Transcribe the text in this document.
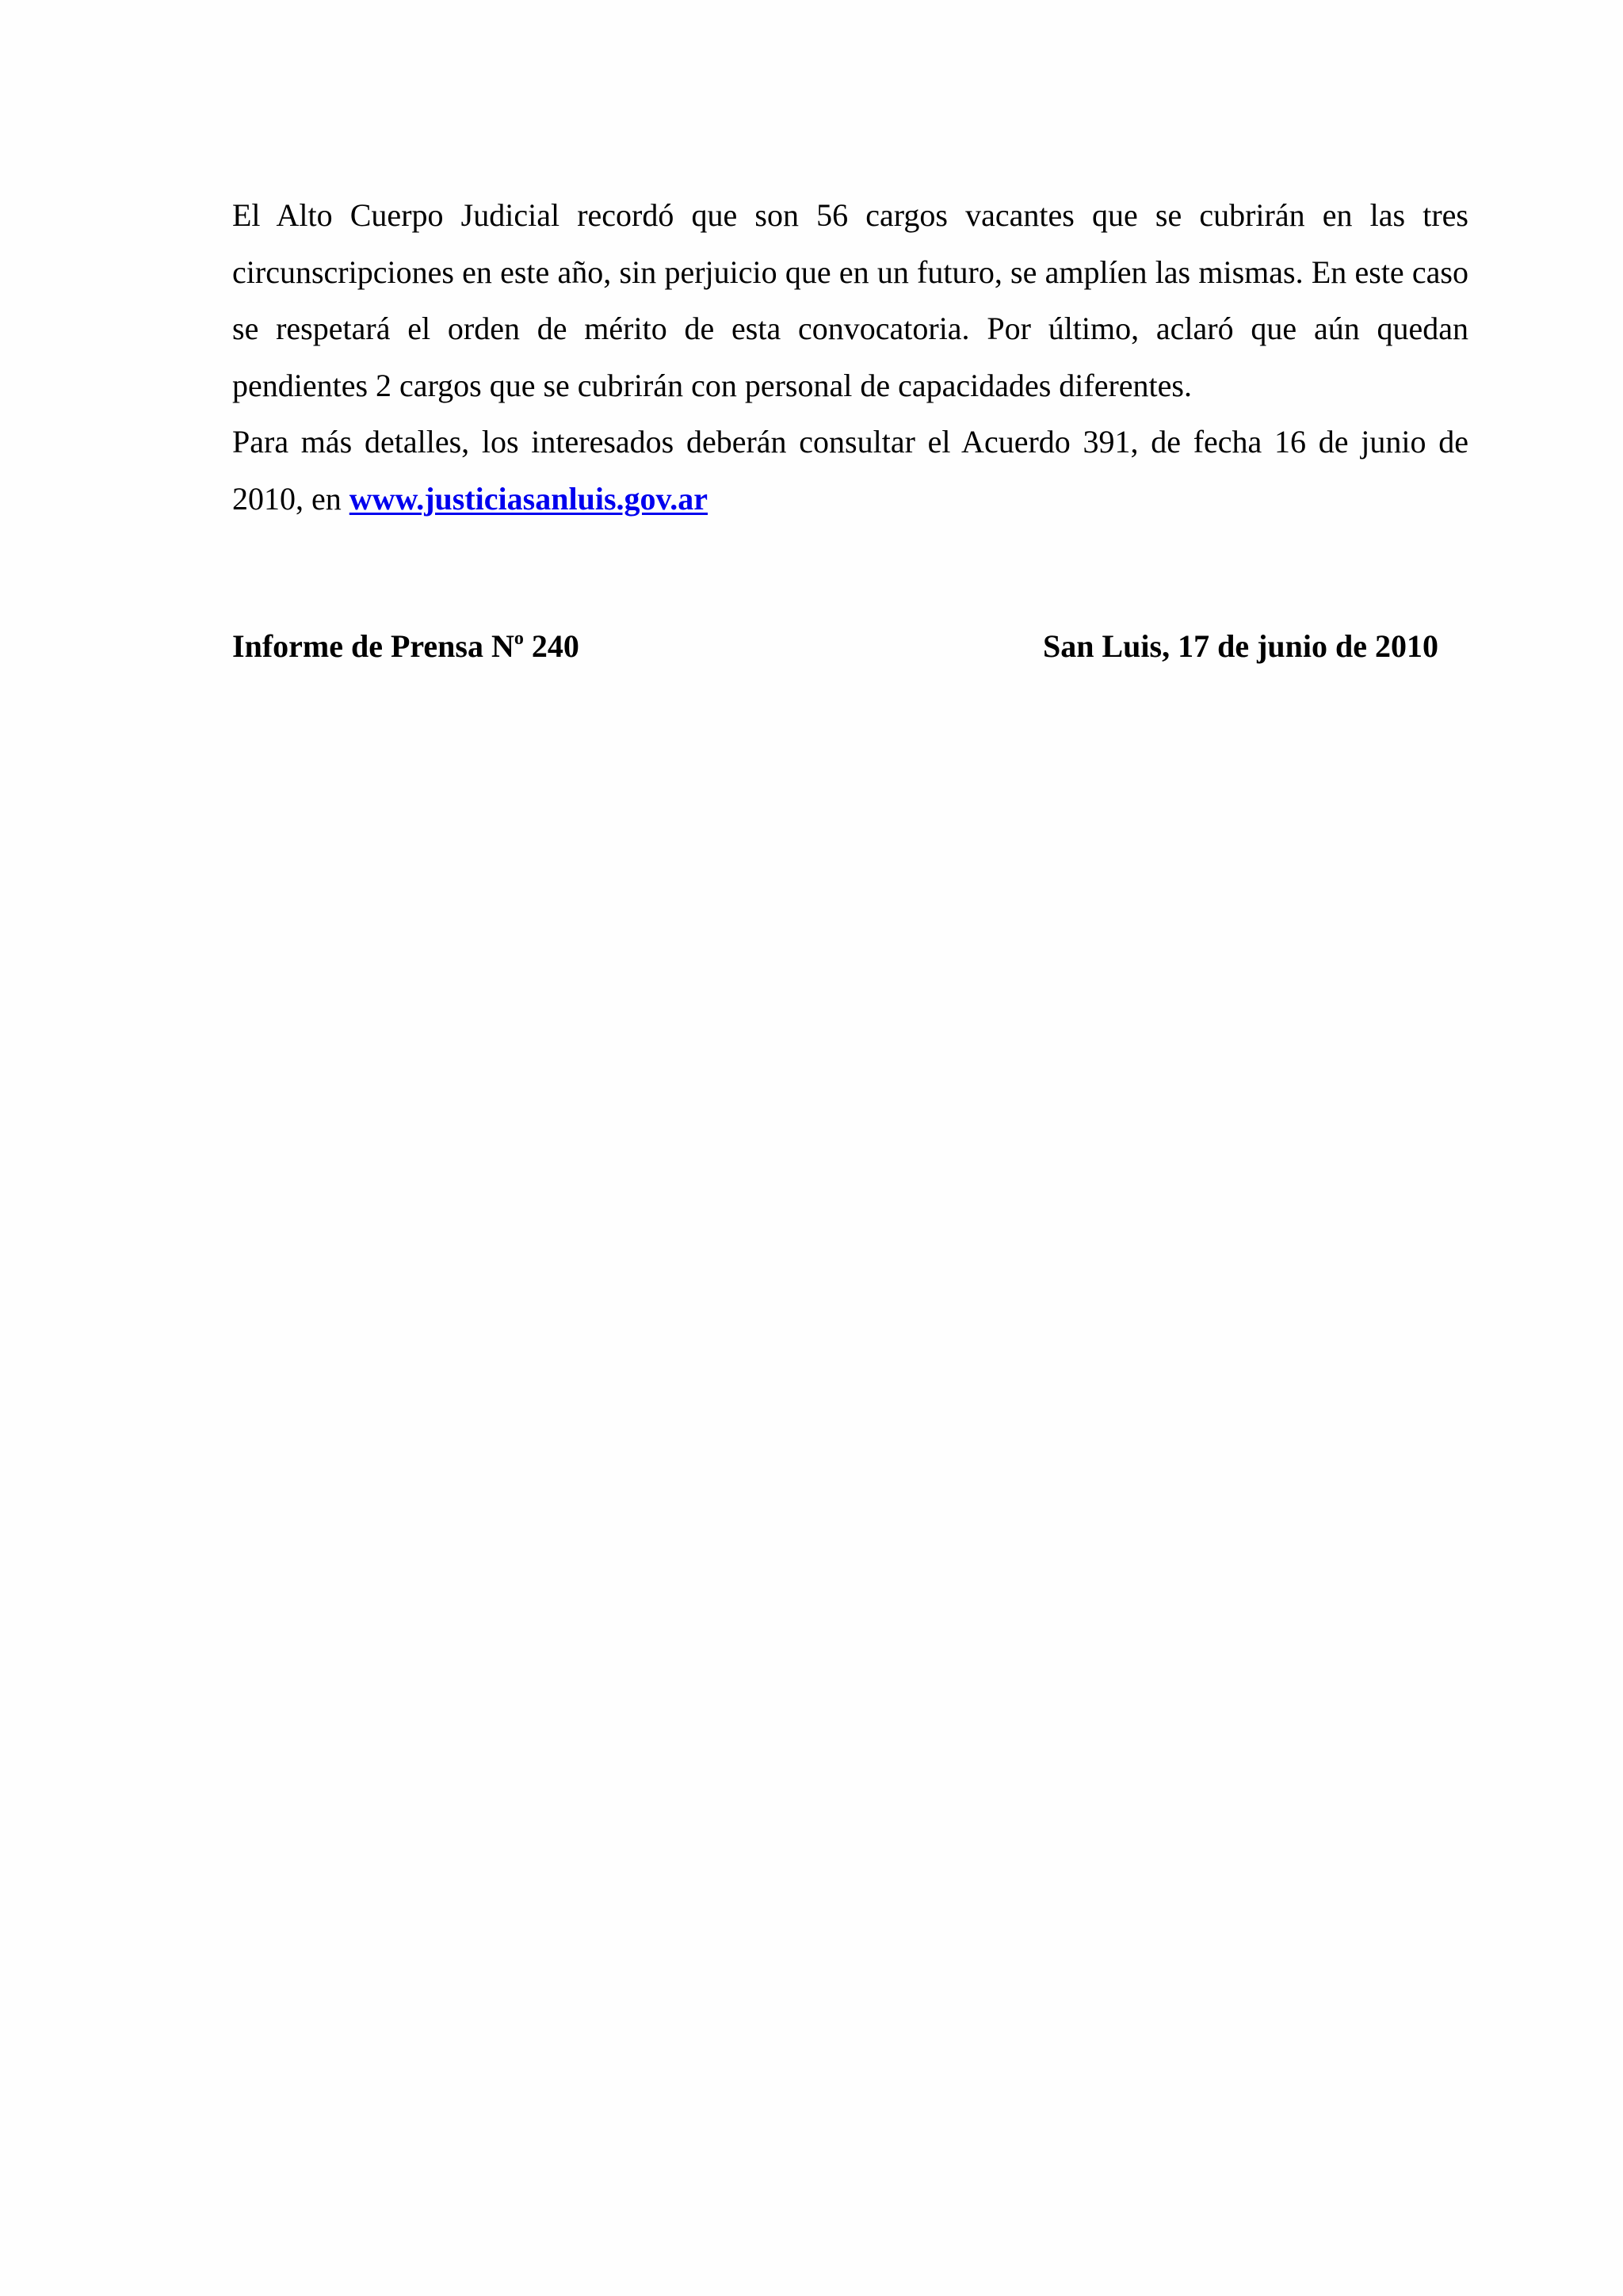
El Alto Cuerpo Judicial recordó que son 56 cargos vacantes que se cubrirán en las tres circunscripciones en este año, sin perjuicio que en un futuro, se amplíen las mismas. En este caso se respetará el orden de mérito de esta convocatoria. Por último, aclaró que aún quedan pendientes 2 cargos que se cubrirán con personal de capacidades diferentes.

Para más detalles, los interesados deberán consultar el Acuerdo 391, de fecha 16 de junio de 2010, en www.justiciasanluis.gov.ar

Informe de Prensa $N^o$ 240	San Luis, 17 de junio de 2010
